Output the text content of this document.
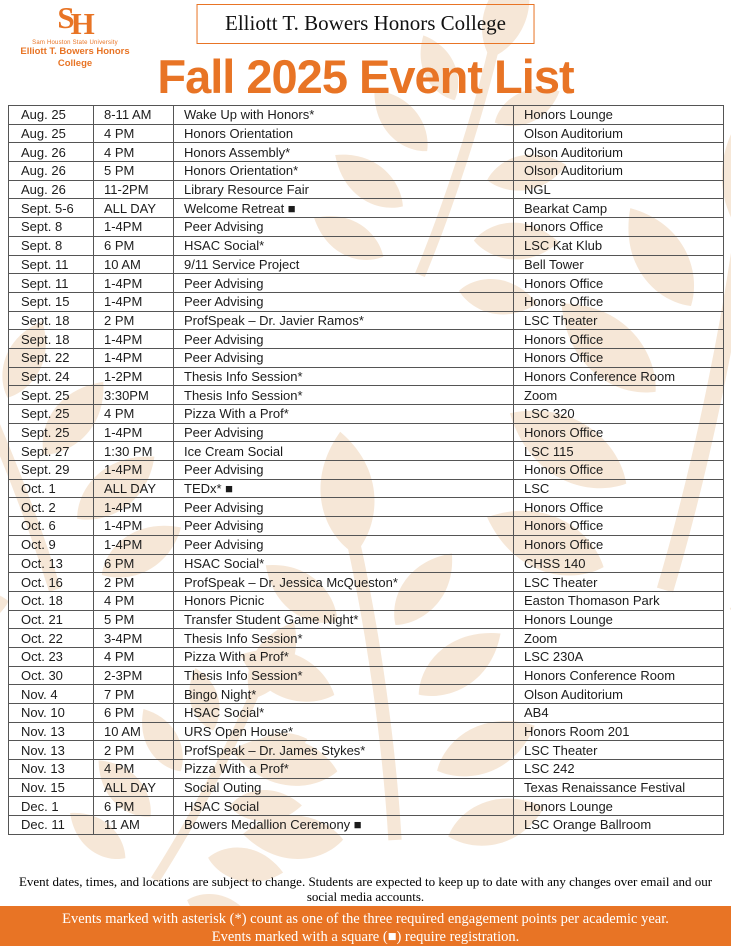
SH
Sam Houston State University
Elliott T. Bowers Honors
College
Elliott T. Bowers Honors College
Fall 2025 Event List
Aug. 25	8-11 AM	Wake Up with Honors*	Honors Lounge
Aug. 25	4 PM	Honors Orientation	Olson Auditorium
Aug. 26	4 PM	Honors Assembly*	Olson Auditorium
Aug. 26	5 PM	Honors Orientation*	Olson Auditorium
Aug. 26	11-2PM	Library Resource Fair	NGL
Sept. 5-6	ALL DAY	Welcome Retreat ■	Bearkat Camp
Sept. 8	1-4PM	Peer Advising	Honors Office
Sept. 8	6 PM	HSAC Social*	LSC Kat Klub
Sept. 11	10 AM	9/11 Service Project	Bell Tower
Sept. 11	1-4PM	Peer Advising	Honors Office
Sept. 15	1-4PM	Peer Advising	Honors Office
Sept. 18	2 PM	ProfSpeak – Dr. Javier Ramos*	LSC Theater
Sept. 18	1-4PM	Peer Advising	Honors Office
Sept. 22	1-4PM	Peer Advising	Honors Office
Sept. 24	1-2PM	Thesis Info Session*	Honors Conference Room
Sept. 25	3:30PM	Thesis Info Session*	Zoom
Sept. 25	4 PM	Pizza With a Prof*	LSC 320
Sept. 25	1-4PM	Peer Advising	Honors Office
Sept. 27	1:30 PM	Ice Cream Social	LSC 115
Sept. 29	1-4PM	Peer Advising	Honors Office
Oct. 1	ALL DAY	TEDx* ■	LSC
Oct. 2	1-4PM	Peer Advising	Honors Office
Oct. 6	1-4PM	Peer Advising	Honors Office
Oct. 9	1-4PM	Peer Advising	Honors Office
Oct. 13	6 PM	HSAC Social*	CHSS 140
Oct. 16	2 PM	ProfSpeak – Dr. Jessica McQueston*	LSC Theater
Oct. 18	4 PM	Honors Picnic	Easton Thomason Park
Oct. 21	5 PM	Transfer Student Game Night*	Honors Lounge
Oct. 22	3-4PM	Thesis Info Session*	Zoom
Oct. 23	4 PM	Pizza With a Prof*	LSC 230A
Oct. 30	2-3PM	Thesis Info Session*	Honors Conference Room
Nov. 4	7 PM	Bingo Night*	Olson Auditorium
Nov. 10	6 PM	HSAC Social*	AB4
Nov. 13	10 AM	URS Open House*	Honors Room 201
Nov. 13	2 PM	ProfSpeak – Dr. James Stykes*	LSC Theater
Nov. 13	4 PM	Pizza With a Prof*	LSC 242
Nov. 15	ALL DAY	Social Outing	Texas Renaissance Festival
Dec. 1	6 PM	HSAC Social	Honors Lounge
Dec. 11	11 AM	Bowers Medallion Ceremony ■	LSC Orange Ballroom
Event dates, times, and locations are subject to change. Students are expected to keep up to date with any changes over email and our social media accounts.
Events marked with asterisk (*) count as one of the three required engagement points per academic year.
Events marked with a square (■) require registration.
